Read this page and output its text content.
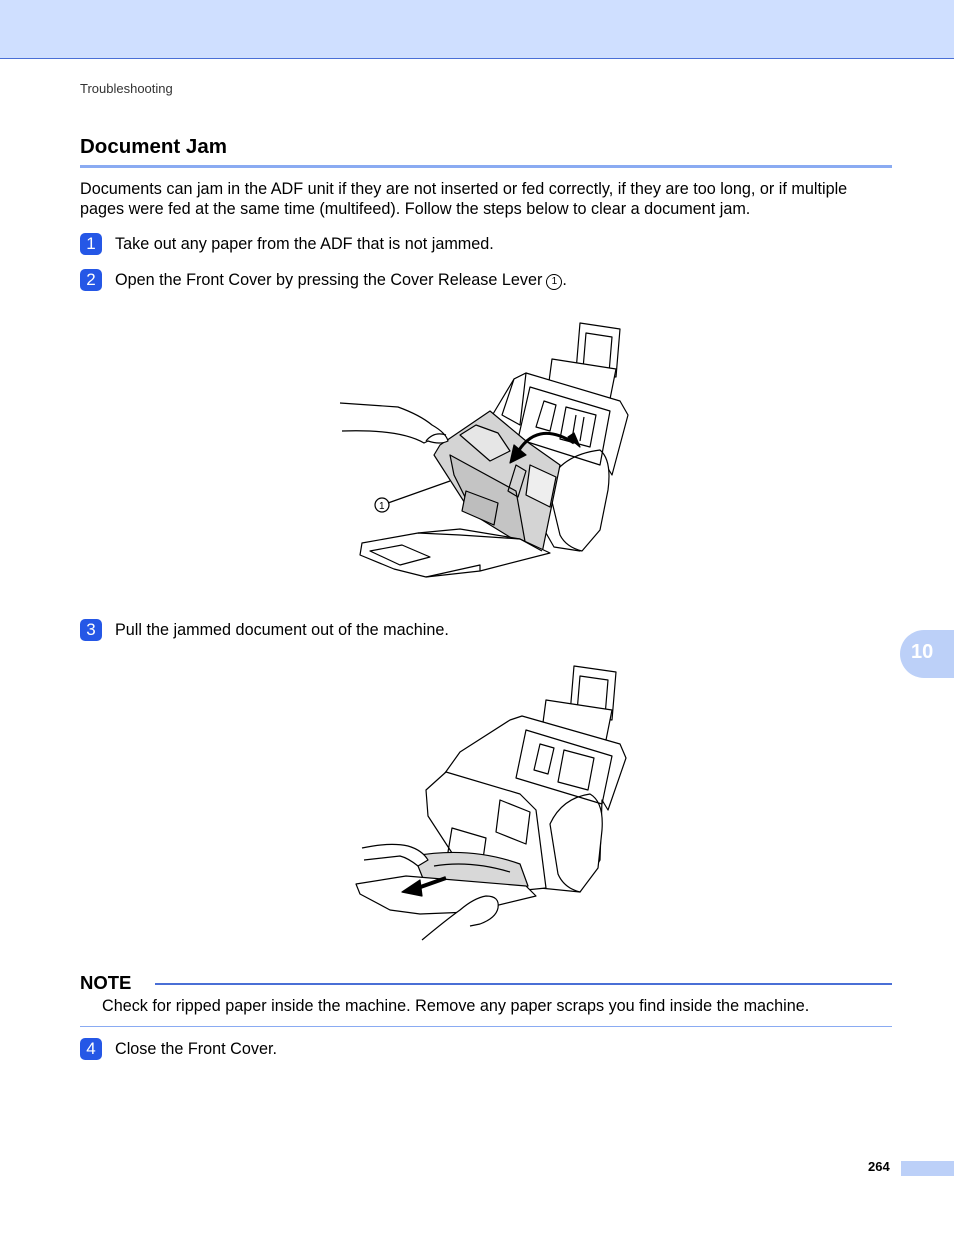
Troubleshooting
Document Jam

Documents can jam in the ADF unit if they are not inserted or fed correctly, if they are too long, or if multiple pages were fed at the same time (multifeed). Follow the steps below to clear a document jam.

1	Take out any paper from the ADF that is not jammed.
2	Open the Front Cover by pressing the Cover Release Lever 1 .
1
10
3	Pull the jammed document out of the machine.
NOTE
Check for ripped paper inside the machine. Remove any paper scraps you find inside the machine.
4	Close the Front Cover.
264
